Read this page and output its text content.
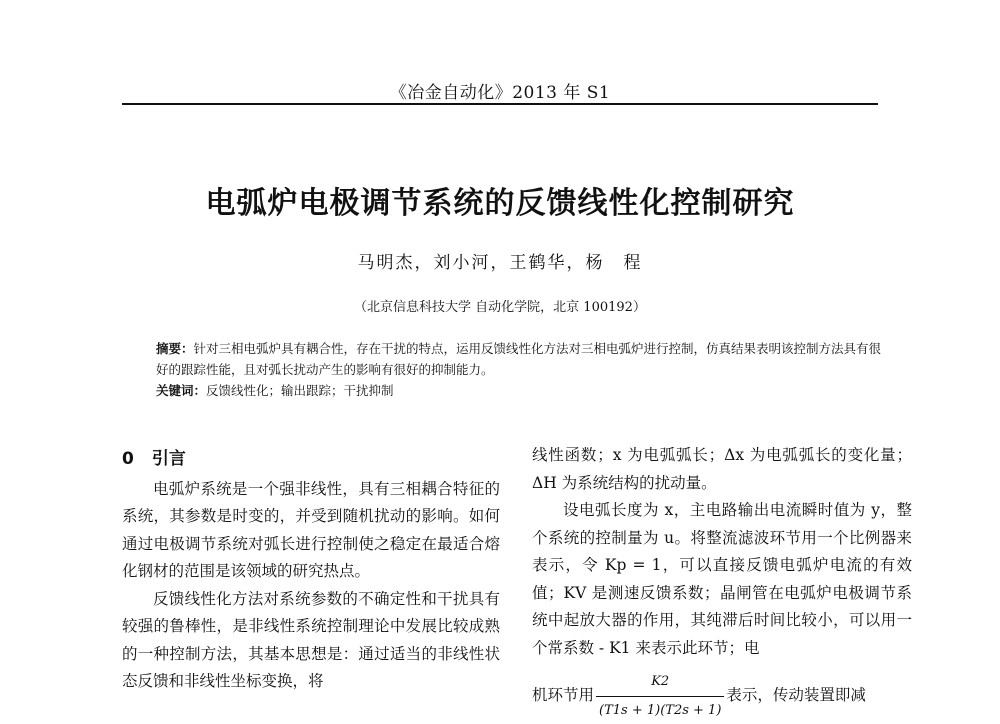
《冶金自动化》2013 年 S1
电弧炉电极调节系统的反馈线性化控制研究
马明杰，刘小河，王鹤华，杨　程
（北京信息科技大学 自动化学院，北京 100192）

摘要：针对三相电弧炉具有耦合性，存在干扰的特点，运用反馈线性化方法对三相电弧炉进行控制，仿真结果表明该控制方法具有很好的跟踪性能，且对弧长扰动产生的影响有很好的抑制能力。

关键词：反馈线性化；输出跟踪；干扰抑制

0 引言

电弧炉系统是一个强非线性，具有三相耦合特征的系统，其参数是时变的，并受到随机扰动的影响。如何通过电极调节系统对弧长进行控制使之稳定在最适合熔化钢材的范围是该领域的研究热点。

反馈线性化方法对系统参数的不确定性和干扰具有较强的鲁棒性，是非线性系统控制理论中发展比较成熟的一种控制方法，其基本思想是：通过适当的非线性状态反馈和非线性坐标变换，将

线性函数；x 为电弧弧长；Δx 为电弧弧长的变化量；ΔH 为系统结构的扰动量。

设电弧长度为 x，主电路输出电流瞬时值为 y，整个系统的控制量为 u。将整流滤波环节用一个比例器来表示，令 Kp = 1，可以直接反馈电弧炉电流的有效值；KV 是测速反馈系数；晶闸管在电弧炉电极调节系统中起放大器的作用，其纯滞后时间比较小，可以用一个常系数 - K1 来表示此环节；电

机环节用 $\frac{K2}{(T1s + 1)(T2s + 1)}$ 表示，传动装置即减
